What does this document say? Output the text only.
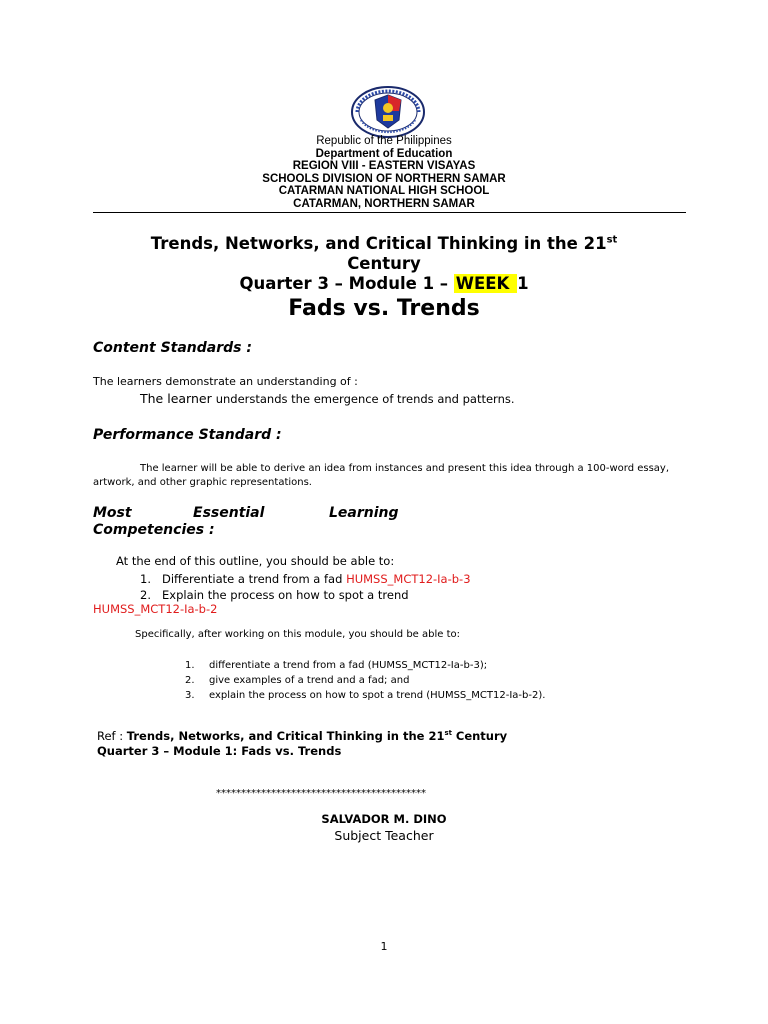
Republic of the Philippines
Department of Education
REGION VIII - EASTERN VISAYAS
SCHOOLS DIVISION OF NORTHERN SAMAR
CATARMAN NATIONAL HIGH SCHOOL
CATARMAN, NORTHERN SAMAR
Trends, Networks, and Critical Thinking in the 21st
Century
Quarter 3 – Module 1 – WEEK 1
Fads vs. Trends
Content Standards :
The learners demonstrate an understanding of :
The learner understands the emergence of trends and patterns.
Performance Standard :
The learner will be able to derive an idea from instances and present this idea through a 100-word essay,
artwork, and other graphic representations.
Most	Essential	Learning
Competencies :
At the end of this outline, you should be able to:
1. Differentiate a trend from a fad HUMSS_MCT12-Ia-b-3
2. Explain the process on how to spot a trend
HUMSS_MCT12-Ia-b-2
Specifically, after working on this module, you should be able to:
1. differentiate a trend from a fad (HUMSS_MCT12-Ia-b-3);
2. give examples of a trend and a fad; and
3. explain the process on how to spot a trend (HUMSS_MCT12-Ia-b-2).
Ref : Trends, Networks, and Critical Thinking in the 21st Century
Quarter 3 – Module 1: Fads vs. Trends
******************************************
SALVADOR M. DINO
Subject Teacher
1
